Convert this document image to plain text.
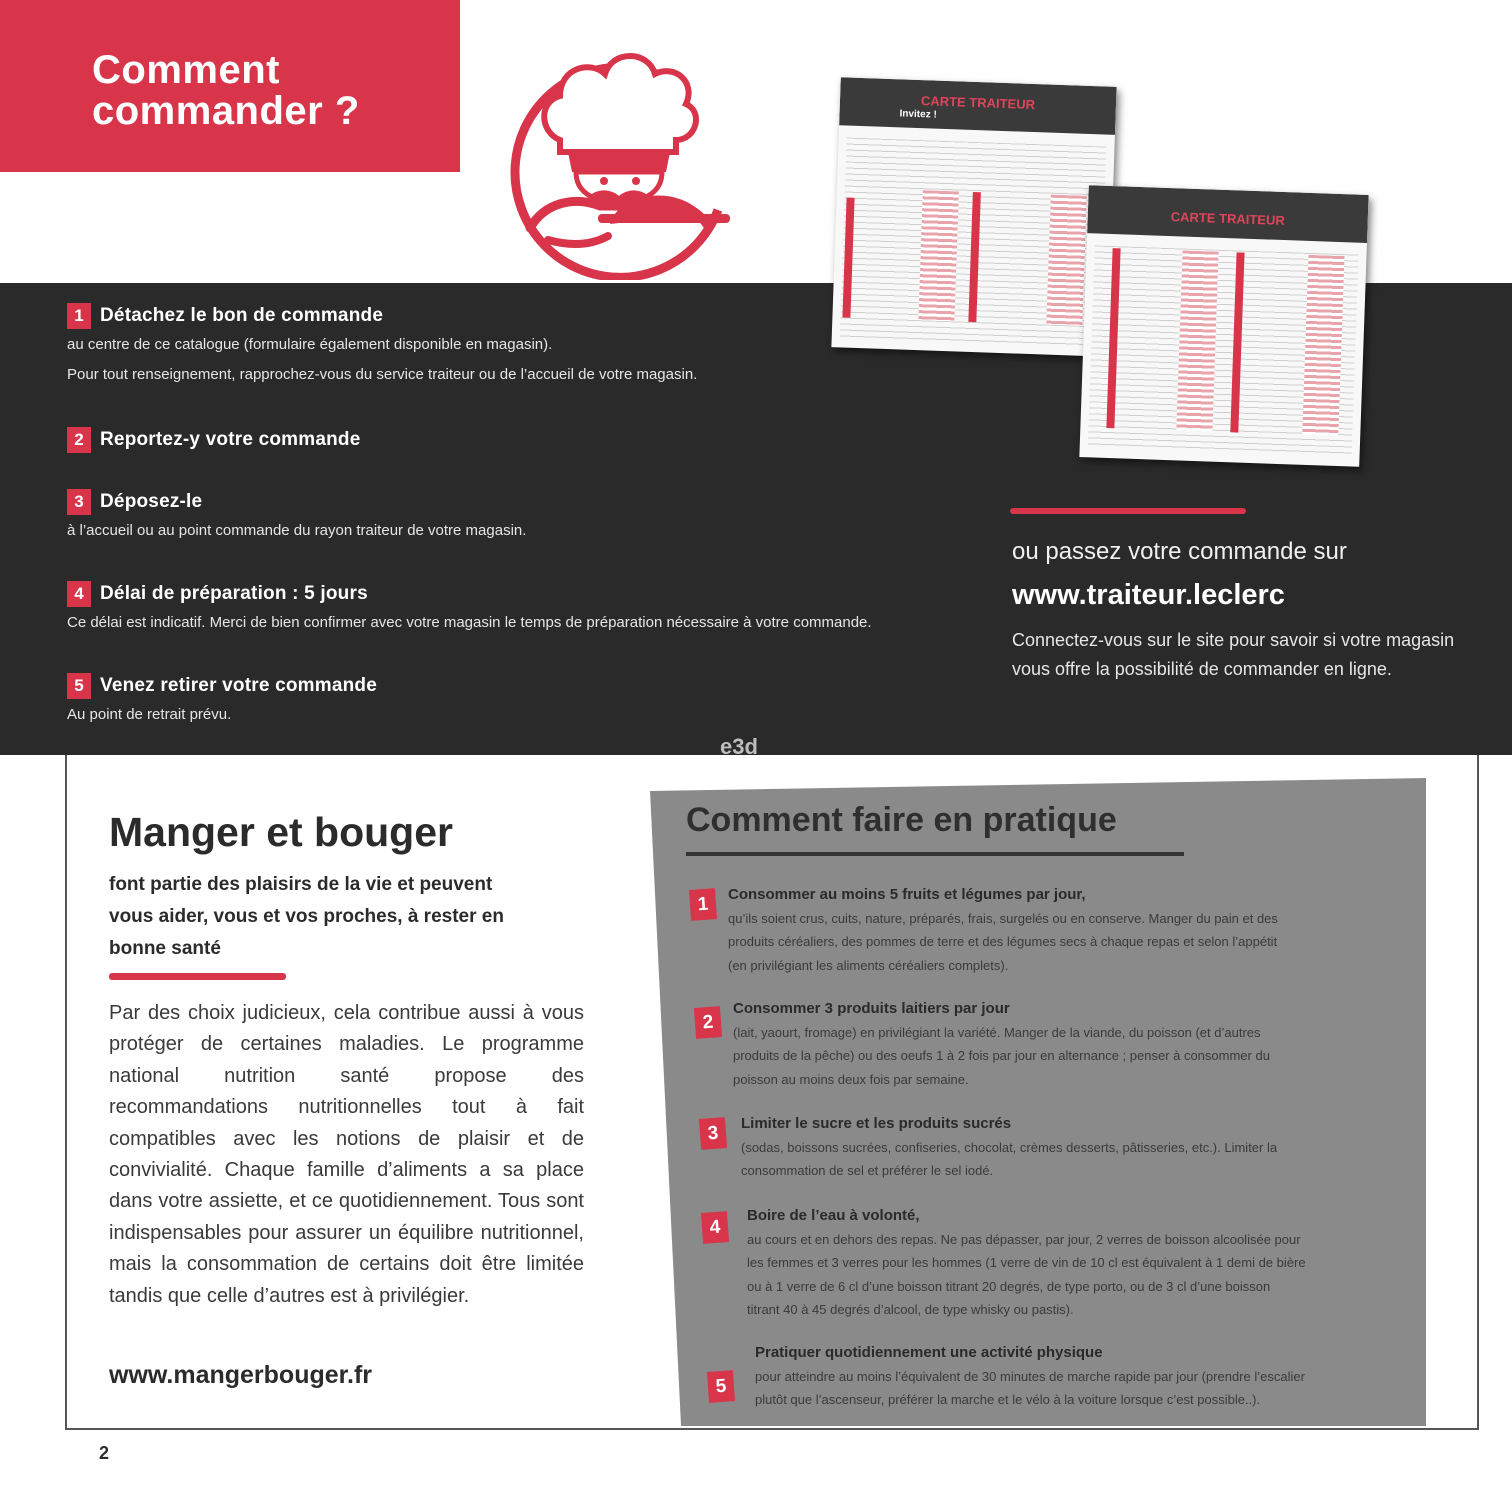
Comment
commander ?
1 Détachez le bon de commande
au centre de ce catalogue (formulaire également disponible en magasin).
Pour tout renseignement, rapprochez-vous du service traiteur ou de l’accueil de votre magasin.
2 Reportez-y votre commande
3 Déposez-le
à l’accueil ou au point commande du rayon traiteur de votre magasin.
4 Délai de préparation : 5 jours
Ce délai est indicatif. Merci de bien confirmer avec votre magasin le temps de préparation nécessaire à votre commande.
5 Venez retirer votre commande
Au point de retrait prévu.
CARTE TRAITEUR
Invitez !
CARTE TRAITEUR
ou passez votre commande sur
www.traiteur.leclerc
Connectez-vous sur le site pour savoir si votre magasin vous offre la possibilité de commander en ligne.
e3d
Manger et bouger
font partie des plaisirs de la vie et peuvent vous aider, vous et vos proches, à rester en bonne santé
Par des choix judicieux, cela contribue aussi à vous protéger de certaines maladies. Le programme national nutrition santé propose des recommandations nutritionnelles tout à fait compatibles avec les notions de plaisir et de convivialité. Chaque famille d’aliments a sa place dans votre assiette, et ce quotidiennement. Tous sont indispensables pour assurer un équilibre nutritionnel, mais la consommation de certains doit être limitée tandis que celle d’autres est à privilégier.
www.mangerbouger.fr
Comment faire en pratique
1	Consommer au moins 5 fruits et légumes par jour,
qu’ils soient crus, cuits, nature, préparés, frais, surgelés ou en conserve. Manger du pain et des
produits céréaliers, des pommes de terre et des légumes secs à chaque repas et selon l’appétit
(en privilégiant les aliments céréaliers complets).
2
Consommer 3 produits laitiers par jour
(lait, yaourt, fromage) en privilégiant la variété. Manger de la viande, du poisson (et d’autres
produits de la pêche) ou des oeufs 1 à 2 fois par jour en alternance ; penser à consommer du
poisson au moins deux fois par semaine.
3	Limiter le sucre et les produits sucrés
(sodas, boissons sucrées, confiseries, chocolat, crèmes desserts, pâtisseries, etc.). Limiter la
consommation de sel et préférer le sel iodé.
4
Boire de l’eau à volonté,
au cours et en dehors des repas. Ne pas dépasser, par jour, 2 verres de boisson alcoolisée pour
les femmes et 3 verres pour les hommes (1 verre de vin de 10 cl est équivalent à 1 demi de bière
ou à 1 verre de 6 cl d’une boisson titrant 20 degrés, de type porto, ou de 3 cl d’une boisson
titrant 40 à 45 degrés d’alcool, de type whisky ou pastis).
5
Pratiquer quotidiennement une activité physique
pour atteindre au moins l’équivalent de 30 minutes de marche rapide par jour (prendre l’escalier
plutôt que l’ascenseur, préférer la marche et le vélo à la voiture lorsque c’est possible..).
2
